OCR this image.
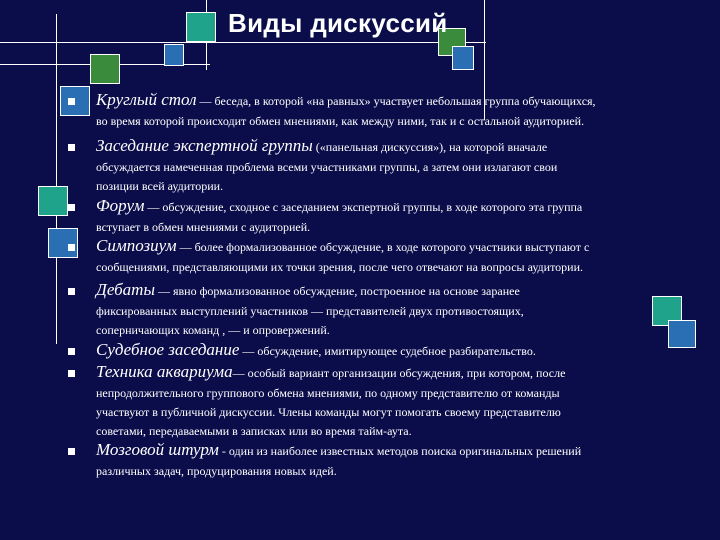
Виды дискуссий
Круглый стол — беседа, в которой «на равных» участвует небольшая группа обучающихся,
во время которой происходит обмен мнениями, как между ними, так и с остальной аудиторией.
Заседание экспертной группы («панельная дискуссия»), на которой вначале
обсуждается намеченная проблема всеми участниками группы, а затем они излагают свои
позиции всей аудитории.
Форум — обсуждение, сходное с заседанием экспертной группы, в ходе которого эта группа
вступает в обмен мнениями с аудиторией.
Симпозиум — более формализованное обсуждение, в ходе которого участники выступают с
сообщениями, представляющими их точки зрения, после чего отвечают на вопросы аудитории.
Дебаты — явно формализованное обсуждение, построенное на основе заранее
фиксированных выступлений участников — представителей двух противостоящих,
соперничающих команд , — и опровержений.
Судебное заседание — обсуждение, имитирующее судебное разбирательство.
Техника аквариума— особый вариант организации обсуждения, при котором, после
непродолжительного группового обмена мнениями, по одному представителю от команды
участвуют в публичной дискуссии. Члены команды могут помогать своему представителю
советами, передаваемыми в записках или во время тайм-аута.
Мозговой штурм - один из наиболее известных методов поиска оригинальных решений
различных задач, продуцирования новых идей.
